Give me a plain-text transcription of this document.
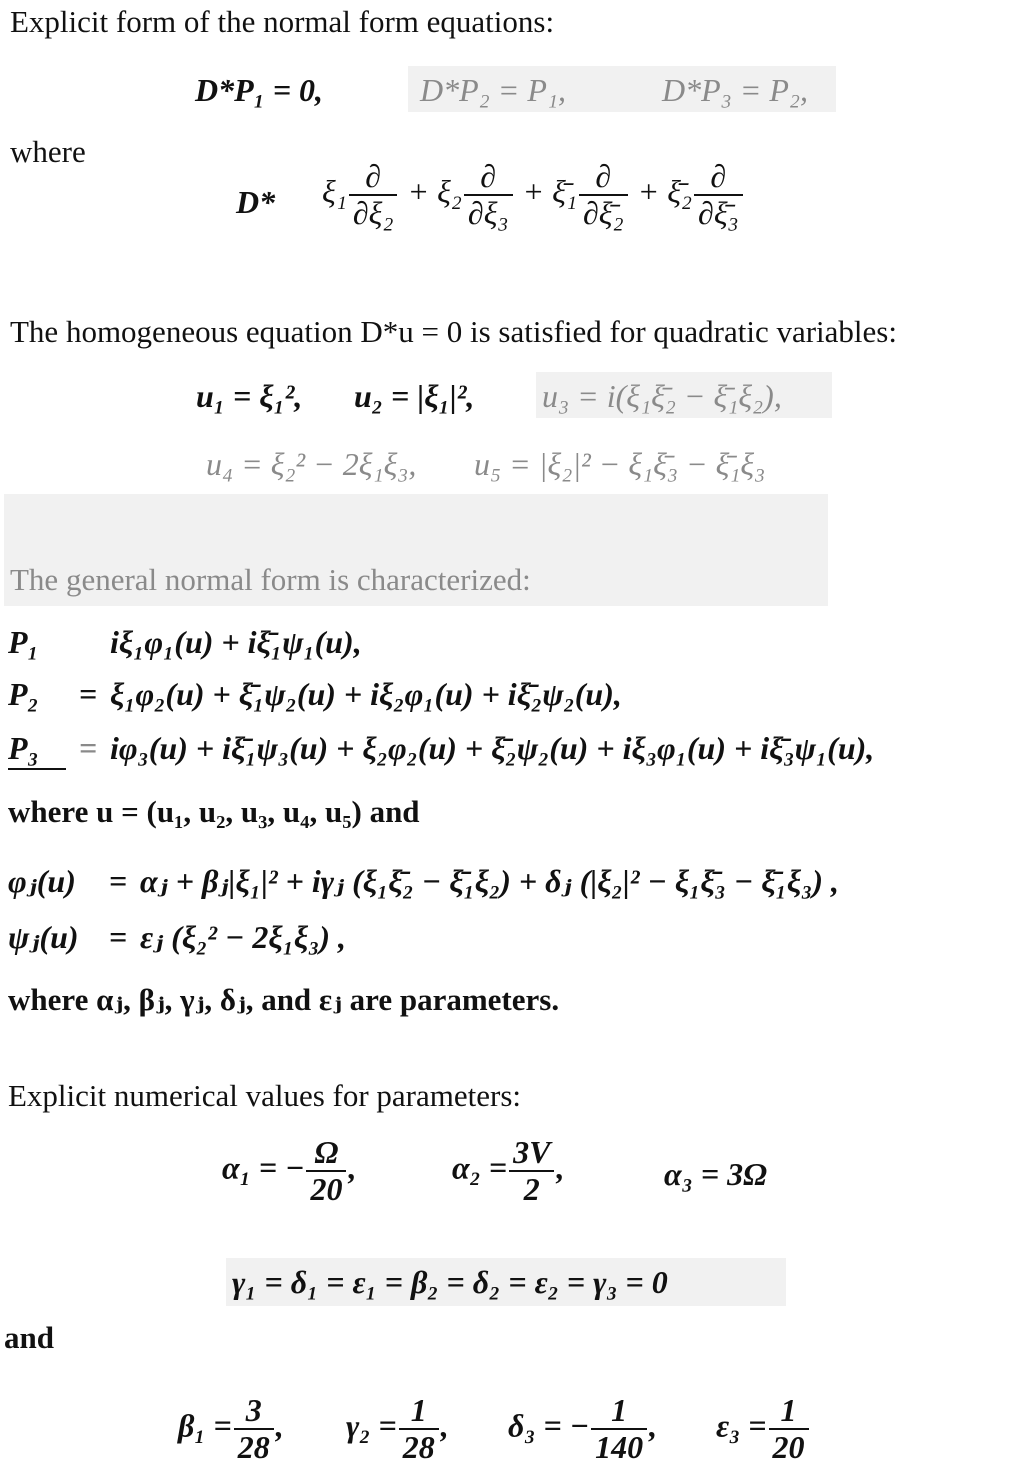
Explicit form of the normal form equations:
D*P₁ = 0,	D*P₂ = P₁,	D*P₃ = P₂,
where
D* $\xi_1 \frac{\partial}{\text{∂ξ₂}} + \xi_2 \frac{\partial}{\text{∂ξ₃}}$ + ξ̄₁ $\frac{\partial}{\text{∂ξ̄₂}}$ + ξ̄₂ $\frac{\partial}{\text{∂ξ̄₃}}$
The homogeneous equation D*u = 0 is satisfied for quadratic variables:
u₁ = ξ₁², u₂ = |ξ₁|², u₃ = i(ξ₁ξ̄₂ − ξ̄₁ξ₂),
u₄ = ξ₂² − 2ξ₁ξ₃, u₅ = |ξ₂|² − ξ₁ξ̄₃ − ξ̄₁ξ₃
The general normal form is characterized:
P₁ iξ₁φ₁(u) + iξ̄₁ψ₁(u),
P₂ = ξ₁φ₂(u) + ξ̄₁ψ₂(u) + iξ₂φ₁(u) + iξ̄₂ψ₂(u),
P₃ = iφ₃(u) + iξ̄₁ψ₃(u) + ξ₂φ₂(u) + ξ̄₂ψ₂(u) + iξ₃φ₁(u) + iξ̄₃ψ₁(u),
where u = (u₁, u₂, u₃, u₄, u₅) and
φⱼ(u) = αⱼ + βⱼ|ξ₁|² + iγⱼ (ξ₁ξ̄₂ − ξ̄₁ξ₂) + δⱼ (|ξ₂|² − ξ₁ξ̄₃ − ξ̄₁ξ₃) ,
ψⱼ(u) = εⱼ (ξ₂² − 2ξ₁ξ₃) ,
where αⱼ, βⱼ, γⱼ, δⱼ, and εⱼ are parameters.
Explicit numerical values for parameters:
α₁ = − $\frac{\Omega}{20}$ ,	$\alpha_2 = \frac{3V}{2}$ ,	α₃ = 3Ω
γ₁ = δ₁ = ε₁ = β₂ = δ₂ = ε₂ = γ₃ = 0
and
$\beta_1 = \frac{3}{28}$ , $\gamma_2 = \frac{1}{28}$ , δ₃ = − $\frac{1}{140}$ , $\varepsilon_3 = \frac{1}{20}$
